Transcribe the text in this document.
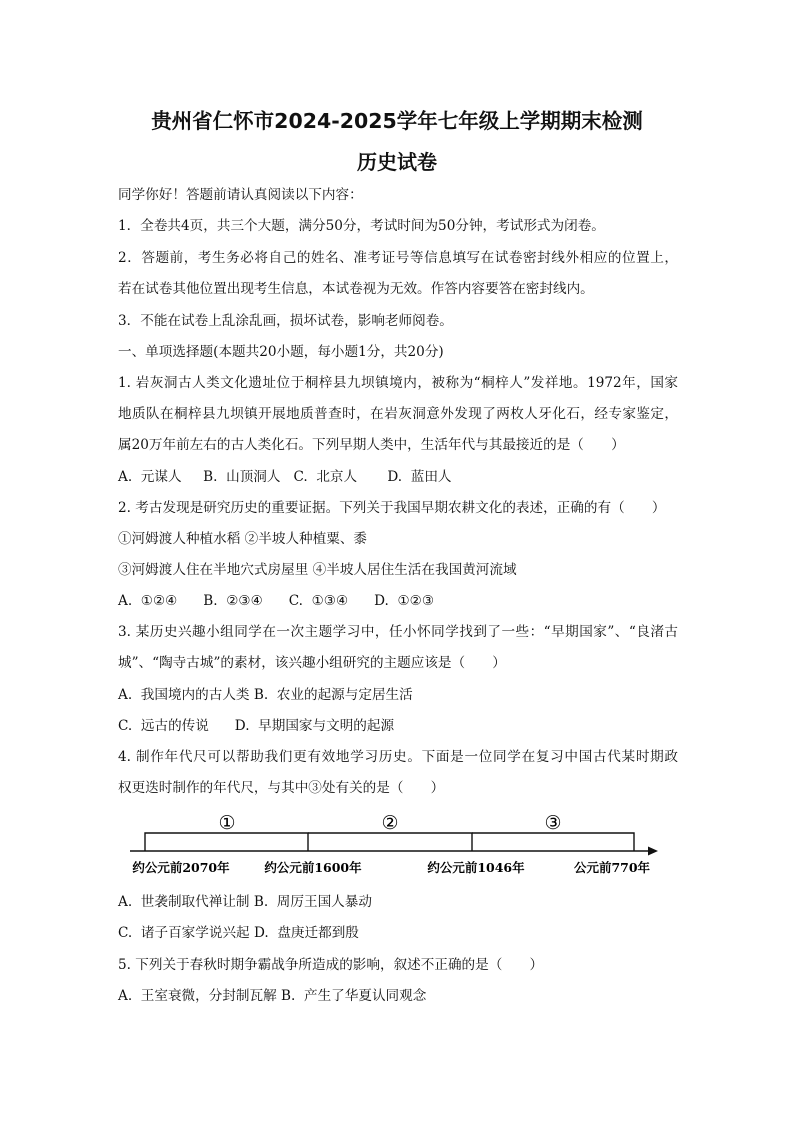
贵州省仁怀市2024-2025学年七年级上学期期末检测
历史试卷
同学你好！答题前请认真阅读以下内容：
1．全卷共4页，共三个大题，满分50分，考试时间为50分钟，考试形式为闭卷。
2．答题前，考生务必将自己的姓名、准考证号等信息填写在试卷密封线外相应的位置上，
若在试卷其他位置出现考生信息，本试卷视为无效。作答内容要答在密封线内。
3．不能在试卷上乱涂乱画，损坏试卷，影响老师阅卷。
一、单项选择题(本题共20小题，每小题1分，共20分)
1. 岩灰洞古人类文化遗址位于桐梓县九坝镇境内，被称为“桐梓人”发祥地。1972年，国家
地质队在桐梓县九坝镇开展地质普查时，在岩灰洞意外发现了两枚人牙化石，经专家鉴定，
属20万年前左右的古人类化石。下列早期人类中，生活年代与其最接近的是（　　）
A.  元谋人     B.  山顶洞人   C.  北京人       D.  蓝田人
2. 考古发现是研究历史的重要证据。下列关于我国早期农耕文化的表述，正确的有（　　）
①河姆渡人种植水稻 ②半坡人种植粟、黍
③河姆渡人住在半地穴式房屋里 ④半坡人居住生活在我国黄河流域
A.  ①②④      B.  ②③④      C.  ①③④      D.  ①②③
3. 某历史兴趣小组同学在一次主题学习中，任小怀同学找到了一些：“早期国家”、“良渚古
城”、“陶寺古城”的素材，该兴趣小组研究的主题应该是（　　）
A.  我国境内的古人类 B.  农业的起源与定居生活
C.  远古的传说      D.  早期国家与文明的起源
4. 制作年代尺可以帮助我们更有效地学习历史。下面是一位同学在复习中国古代某时期政
权更迭时制作的年代尺，与其中③处有关的是（　　）
①	②	③
约公元前2070年	约公元前1600年	约公元前1046年	公元前770年
A.  世袭制取代禅让制 B.  周厉王国人暴动
C.  诸子百家学说兴起 D.  盘庚迁都到殷
5. 下列关于春秋时期争霸战争所造成的影响，叙述不正确的是（　　）
A.  王室衰微，分封制瓦解 B.  产生了华夏认同观念
